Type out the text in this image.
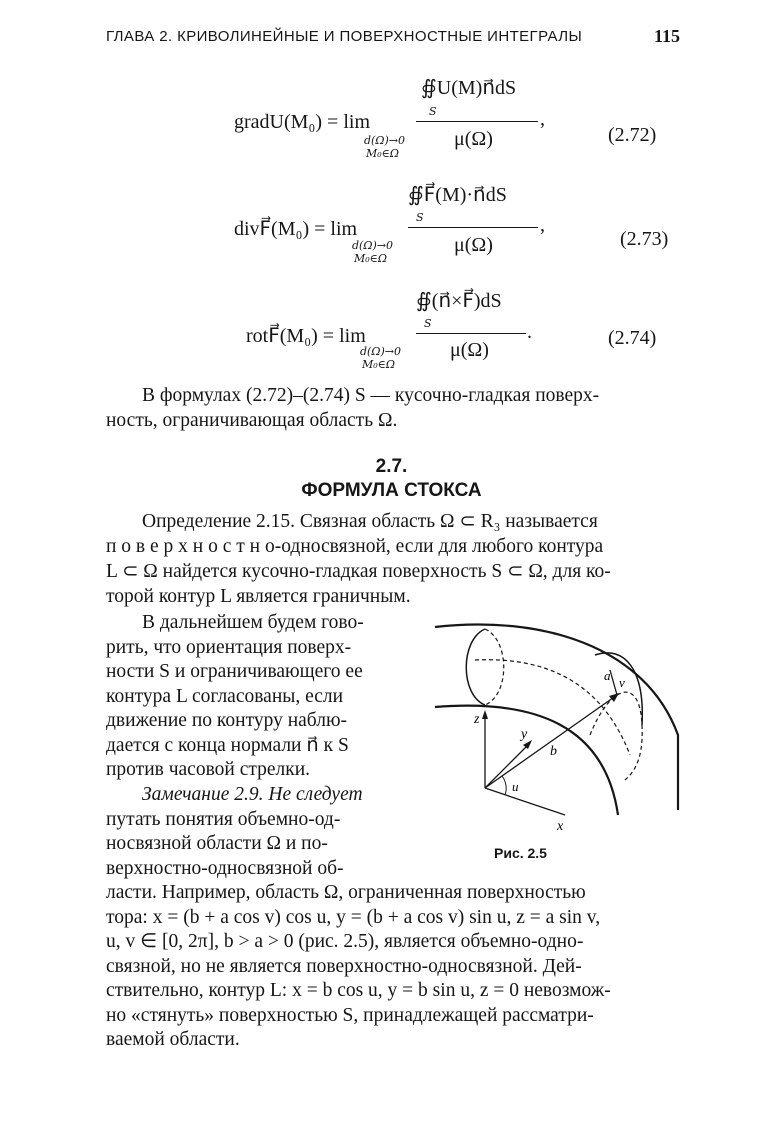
ГЛАВА 2. КРИВОЛИНЕЙНЫЕ И ПОВЕРХНОСТНЫЕ ИНТЕГРАЛЫ	115
gradU(M₀) = lim
∯U(M)n⃗dS
S	,
d(Ω)→0
M₀∈Ω
μ(Ω)	(2.72)
divF⃗(M₀) = lim
∯F⃗(M)·n⃗dS
S	,
d(Ω)→0
M₀∈Ω
μ(Ω)	(2.73)
rotF⃗(M₀) = lim
∯(n⃗×F⃗)dS
S	.
d(Ω)→0
M₀∈Ω
μ(Ω)
(2.74)
В формулах (2.72)–(2.74) S — кусочно-гладкая поверх-
ность, ограничивающая область Ω.
2.7.
ФОРМУЛА СТОКСА
Определение 2.15. Связная область Ω ⊂ R₃ называется
п о в е р х н о с т н о-односвязной, если для любого контура
L ⊂ Ω найдется кусочно-гладкая поверхность S ⊂ Ω, для ко-
торой контур L является граничным.
В дальнейшем будем гово-
рить, что ориентация поверх-
ности S и ограничивающего ее
контура L согласованы, если
движение по контуру наблю-
дается с конца нормали n⃗ к S
против часовой стрелки.
Замечание 2.9. Не следует
путать понятия объемно-од-
носвязной области Ω и по-
верхностно-односвязной об-
ласти. Например, область Ω, ограниченная поверхностью
тора: x = (b + a cos v) cos u, y = (b + a cos v) sin u, z = a sin v,
u, v ∈ [0, 2π], b > a > 0 (рис. 2.5), является объемно-одно-
связной, но не является поверхностно-односвязной. Дей-
ствительно, контур L: x = b cos u, y = b sin u, z = 0 невозмож-
но «стянуть» поверхностью S, принадлежащей рассматри-
ваемой области.
z
y
x
u
b
a v
Рис. 2.5
